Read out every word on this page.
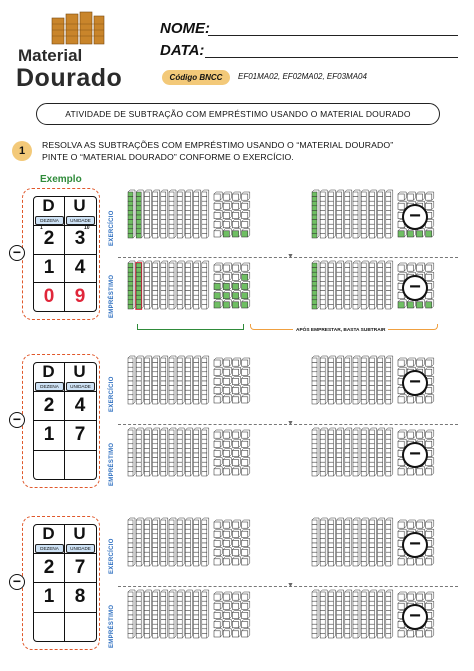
Material
Dourado
NOME:
DATA:
Código BNCC	EF01MA02, EF02MA02, EF03MA04
ATIVIDADE DE SUBTRAÇÃO COM EMPRÉSTIMO USANDO O MATERIAL DOURADO
1	RESOLVA AS SUBTRAÇÕES COM EMPRÉSTIMO USANDO O “MATERIAL DOURADO”
PINTE O “MATERIAL DOURADO” CONFORME O EXERCÍCIO.
Exemplo
D	U
DEZENA	UNIDADE
1	10
2	3
1	4
0	9
−
−
−
▼
EXERCÍCIO
EMPRÉSTIMO
D	U
DEZENA	UNIDADE
2	4
1	7
−
−
−
▼
EXERCÍCIO
EMPRÉSTIMO
D	U
DEZENA	UNIDADE
2	7
1	8
−
−
−
▼
EXERCÍCIO
EMPRÉSTIMO
APÓS EMPRESTAR, BASTA SUBTRAIR
